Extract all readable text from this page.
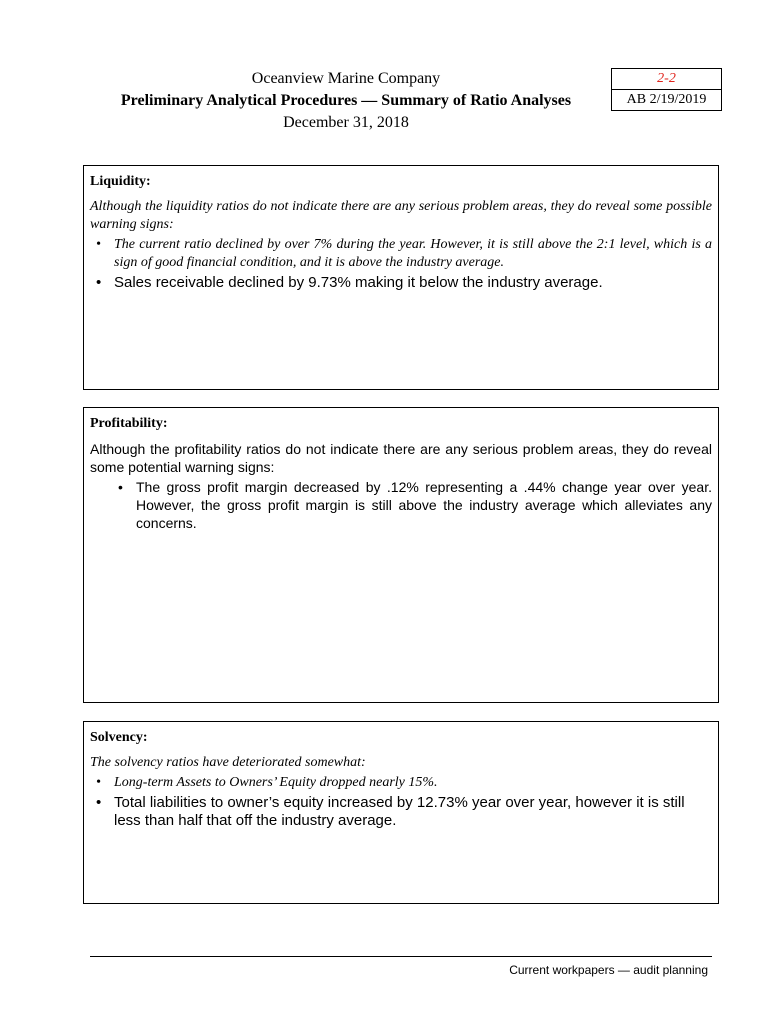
Oceanview Marine Company
Preliminary Analytical Procedures — Summary of Ratio Analyses
December 31, 2018
2-2
AB 2/19/2019
Liquidity:
Although the liquidity ratios do not indicate there are any serious problem areas, they do reveal some possible warning signs:
• The current ratio declined by over 7% during the year. However, it is still above the 2:1 level, which is a sign of good financial condition, and it is above the industry average.
• Sales receivable declined by 9.73% making it below the industry average.
Profitability:
Although the profitability ratios do not indicate there are any serious problem areas, they do reveal some potential warning signs:
• The gross profit margin decreased by .12% representing a .44% change year over year. However, the gross profit margin is still above the industry average which alleviates any concerns.
Solvency:
The solvency ratios have deteriorated somewhat:
• Long-term Assets to Owners’ Equity dropped nearly 15%.
• Total liabilities to owner’s equity increased by 12.73% year over year, however it is still less than half that off the industry average.
Current workpapers — audit planning
